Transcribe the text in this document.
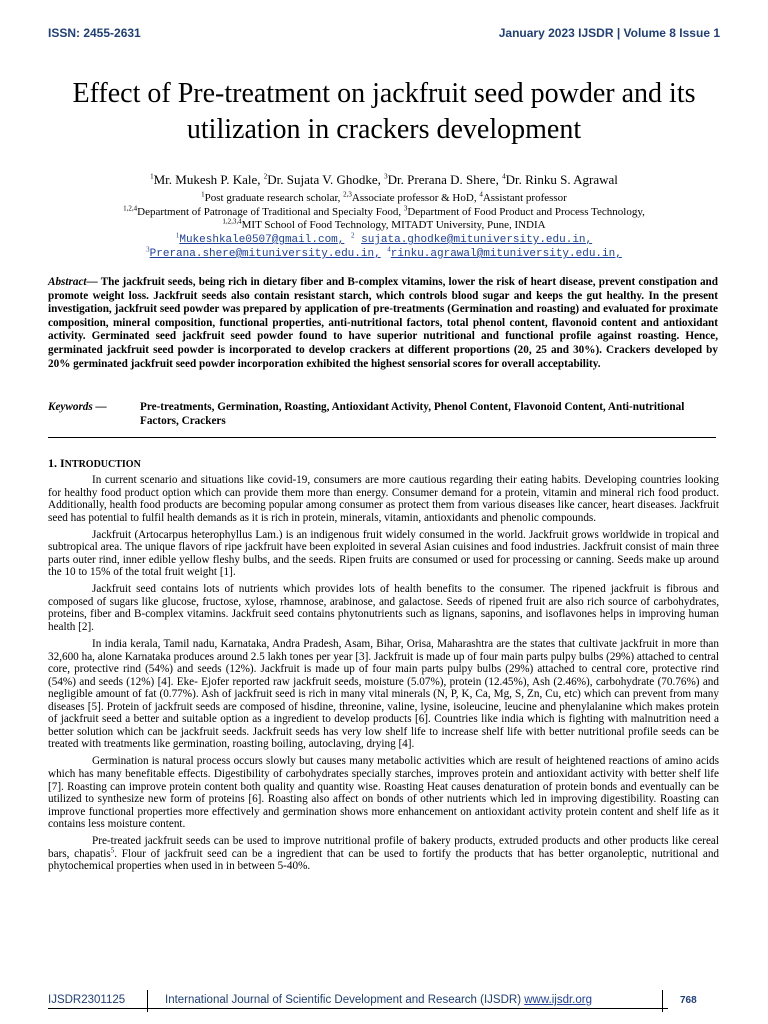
ISSN: 2455-2631	January 2023 IJSDR | Volume 8 Issue 1
Effect of Pre-treatment on jackfruit seed powder and its utilization in crackers development
$^1$Mr. Mukesh P. Kale, $^2$Dr. Sujata V. Ghodke, $^3$Dr. Prerana D. Shere, $^4$Dr. Rinku S. Agrawal
$^1$Post graduate research scholar, $^{2,3}$Associate professor & HoD, $^4$Assistant professor
$^{1,2,4}$Department of Patronage of Traditional and Specialty Food, $^3$Department of Food Product and Process Technology,
$^{1,2,3,4}$MIT School of Food Technology, MITADT University, Pune, INDIA
$^1$Mukeshkale0507@gmail.com, $^2$ sujata.ghodke@mituniversity.edu.in,
$^3$Prerana.shere@mituniversity.edu.in, $^4$rinku.agrawal@mituniversity.edu.in,
Abstract— The jackfruit seeds, being rich in dietary fiber and B-complex vitamins, lower the risk of heart disease, prevent constipation and promote weight loss. Jackfruit seeds also contain resistant starch, which controls blood sugar and keeps the gut healthy. In the present investigation, jackfruit seed powder was prepared by application of pre-treatments (Germination and roasting) and evaluated for proximate composition, mineral composition, functional properties, anti-nutritional factors, total phenol content, flavonoid content and antioxidant activity. Germinated seed jackfruit seed powder found to have superior nutritional and functional profile against roasting. Hence, germinated jackfruit seed powder is incorporated to develop crackers at different proportions (20, 25 and 30%). Crackers developed by 20% germinated jackfruit seed powder incorporation exhibited the highest sensorial scores for overall acceptability.
Keywords —	Pre-treatments, Germination, Roasting, Antioxidant Activity, Phenol Content, Flavonoid Content, Anti-nutritional Factors, Crackers
1. INTRODUCTION

In current scenario and situations like covid-19, consumers are more cautious regarding their eating habits. Developing countries looking for healthy food product option which can provide them more than energy. Consumer demand for a protein, vitamin and mineral rich food product. Additionally, health food products are becoming popular among consumer as protect them from various diseases like cancer, heart diseases. Jackfruit seed has potential to fulfil health demands as it is rich in protein, minerals, vitamin, antioxidants and phenolic compounds.

Jackfruit (Artocarpus heterophyllus Lam.) is an indigenous fruit widely consumed in the world. Jackfruit grows worldwide in tropical and subtropical area. The unique flavors of ripe jackfruit have been exploited in several Asian cuisines and food industries. Jackfruit consist of main three parts outer rind, inner edible yellow fleshy bulbs, and the seeds. Ripen fruits are consumed or used for processing or canning. Seeds make up around the 10 to 15% of the total fruit weight [1].

Jackfruit seed contains lots of nutrients which provides lots of health benefits to the consumer. The ripened jackfruit is fibrous and composed of sugars like glucose, fructose, xylose, rhamnose, arabinose, and galactose. Seeds of ripened fruit are also rich source of carbohydrates, proteins, fiber and B-complex vitamins. Jackfruit seed contains phytonutrients such as lignans, saponins, and isoflavones helps in improving human health [2].

In india kerala, Tamil nadu, Karnataka, Andra Pradesh, Asam, Bihar, Orisa, Maharashtra are the states that cultivate jackfruit in more than 32,600 ha, alone Karnataka produces around 2.5 lakh tones per year [3]. Jackfruit is made up of four main parts pulpy bulbs (29%) attached to central core, protective rind (54%) and seeds (12%). Jackfruit is made up of four main parts pulpy bulbs (29%) attached to central core, protective rind (54%) and seeds (12%) [4]. Eke- Ejofer reported raw jackfruit seeds, moisture (5.07%), protein (12.45%), Ash (2.46%), carbohydrate (70.76%) and negligible amount of fat (0.77%). Ash of jackfruit seed is rich in many vital minerals (N, P, K, Ca, Mg, S, Zn, Cu, etc) which can prevent from many diseases [5]. Protein of jackfruit seeds are composed of hisdine, threonine, valine, lysine, isoleucine, leucine and phenylalanine which makes protein of jackfruit seed a better and suitable option as a ingredient to develop products [6]. Countries like india which is fighting with malnutrition need a better solution which can be jackfruit seeds. Jackfruit seeds has very low shelf life to increase shelf life with better nutritional profile seeds can be treated with treatments like germination, roasting boiling, autoclaving, drying [4].

Germination is natural process occurs slowly but causes many metabolic activities which are result of heightened reactions of amino acids which has many benefitable effects. Digestibility of carbohydrates specially starches, improves protein and antioxidant activity with better shelf life [7]. Roasting can improve protein content both quality and quantity wise. Roasting Heat causes denaturation of protein bonds and eventually can be utilized to synthesize new form of proteins [6]. Roasting also affect on bonds of other nutrients which led in improving digestibility. Roasting can improve functional properties more effectively and germination shows more enhancement on antioxidant activity protein content and shelf life as it contains less moisture content.

Pre-treated jackfruit seeds can be used to improve nutritional profile of bakery products, extruded products and other products like cereal bars, chapatis$^5$. Flour of jackfruit seed can be a ingredient that can be used to fortify the products that has better organoleptic, nutritional and phytochemical properties when used in in between 5-40%.

IJSDR2301125	International Journal of Scientific Development and Research (IJSDR) www.ijsdr.org	768
